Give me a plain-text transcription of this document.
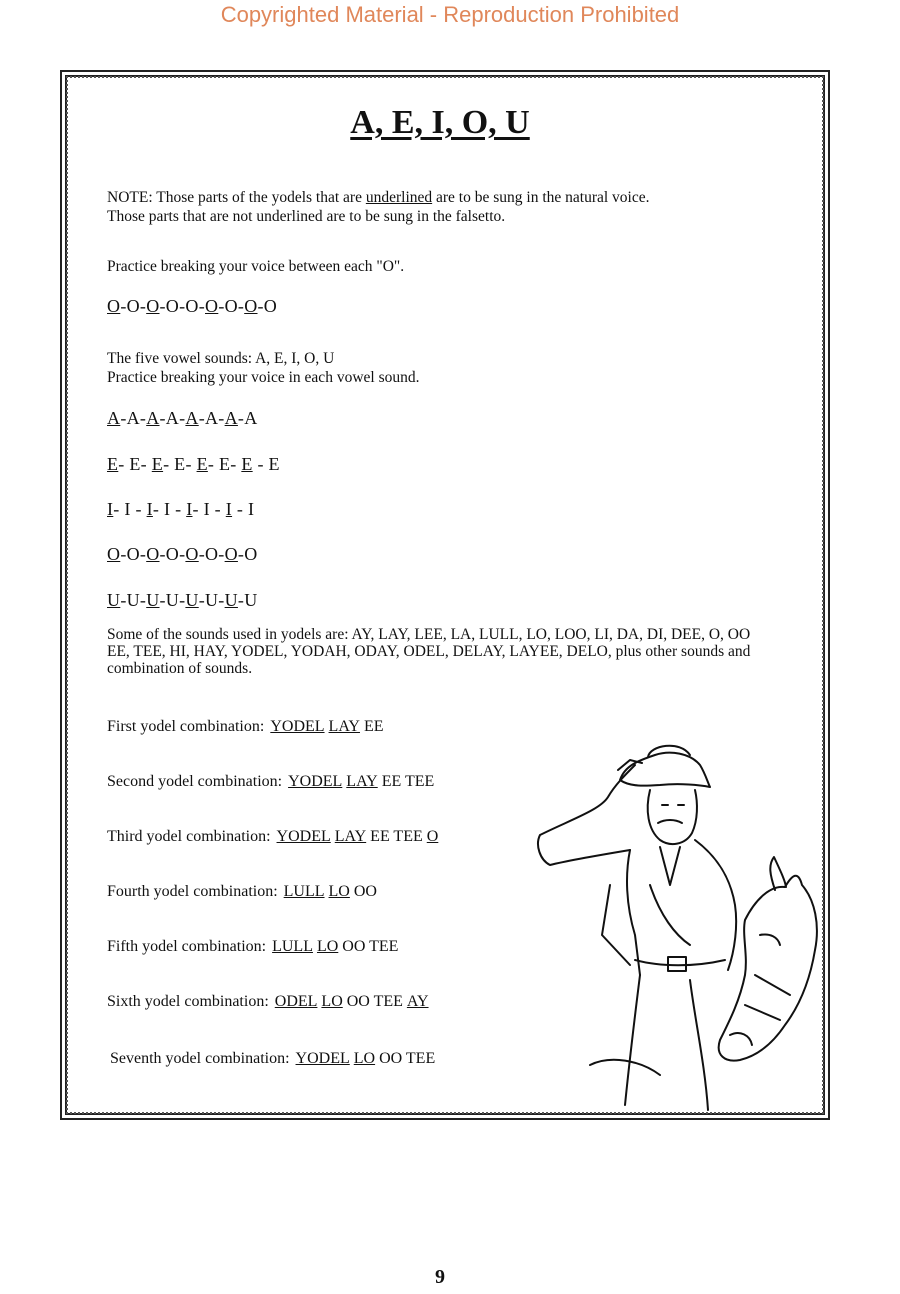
Copyrighted Material - Reproduction Prohibited
A, E, I, O, U
NOTE: Those parts of the yodels that are underlined are to be sung in the natural voice.
Those parts that are not underlined are to be sung in the falsetto.
Practice breaking your voice between each "O".
O-O-O-O-O-O-O-O-O
The five vowel sounds: A, E, I, O, U
Practice breaking your voice in each vowel sound.
A-A-A-A-A-A-A-A
E- E- E- E- E- E- E - E
I- I - I- I - I- I - I - I
O-O-O-O-O-O-O-O
U-U-U-U-U-U-U-U
Some of the sounds used in yodels are: AY, LAY, LEE, LA, LULL, LO, LOO, LI, DA, DI, DEE, O, OO EE, TEE, HI, HAY, YODEL, YODAH, ODAY, ODEL, DELAY, LAYEE, DELO, plus other sounds and combination of sounds.
First yodel combination: YODEL LAY EE
Second yodel combination: YODEL LAY EE TEE
Third yodel combination: YODEL LAY EE TEE O
Fourth yodel combination: LULL LO OO
Fifth yodel combination: LULL LO OO TEE
Sixth yodel combination: ODEL LO OO TEE AY
Seventh yodel combination: YODEL LO OO TEE
9
